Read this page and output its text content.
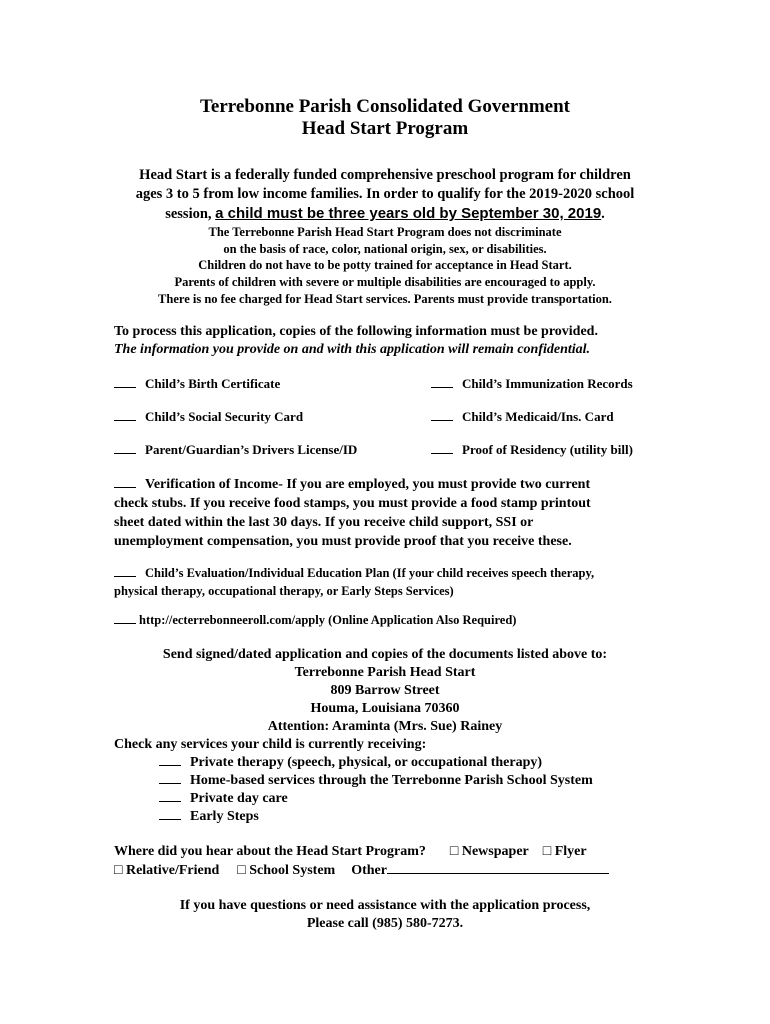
Terrebonne Parish Consolidated Government
Head Start Program
Head Start is a federally funded comprehensive preschool program for children
ages 3 to 5 from low income families. In order to qualify for the 2019-2020 school
session, a child must be three years old by September 30, 2019.
The Terrebonne Parish Head Start Program does not discriminate
on the basis of race, color, national origin, sex, or disabilities.
Children do not have to be potty trained for acceptance in Head Start.
Parents of children with severe or multiple disabilities are encouraged to apply.
There is no fee charged for Head Start services. Parents must provide transportation.
To process this application, copies of the following information must be provided.
The information you provide on and with this application will remain confidential.
Child’s Birth Certificate	Child’s Immunization Records
Child’s Social Security Card	Child’s Medicaid/Ins. Card
Parent/Guardian’s Drivers License/ID	Proof of Residency (utility bill)
Verification of Income- If you are employed, you must provide two current
check stubs. If you receive food stamps, you must provide a food stamp printout
sheet dated within the last 30 days. If you receive child support, SSI or
unemployment compensation, you must provide proof that you receive these.
Child’s Evaluation/Individual Education Plan (If your child receives speech therapy,
physical therapy, occupational therapy, or Early Steps Services)
http://ecterrebonneeroll.com/apply (Online Application Also Required)
Send signed/dated application and copies of the documents listed above to:
Terrebonne Parish Head Start
809 Barrow Street
Houma, Louisiana 70360
Attention: Araminta (Mrs. Sue) Rainey
Check any services your child is currently receiving:
Private therapy (speech, physical, or occupational therapy)
Home-based services through the Terrebonne Parish School System
Private day care
Early Steps
Where did you hear about the Head Start Program? □ Newspaper □ Flyer
□ Relative/Friend □ School System Other
If you have questions or need assistance with the application process,
Please call (985) 580-7273.
